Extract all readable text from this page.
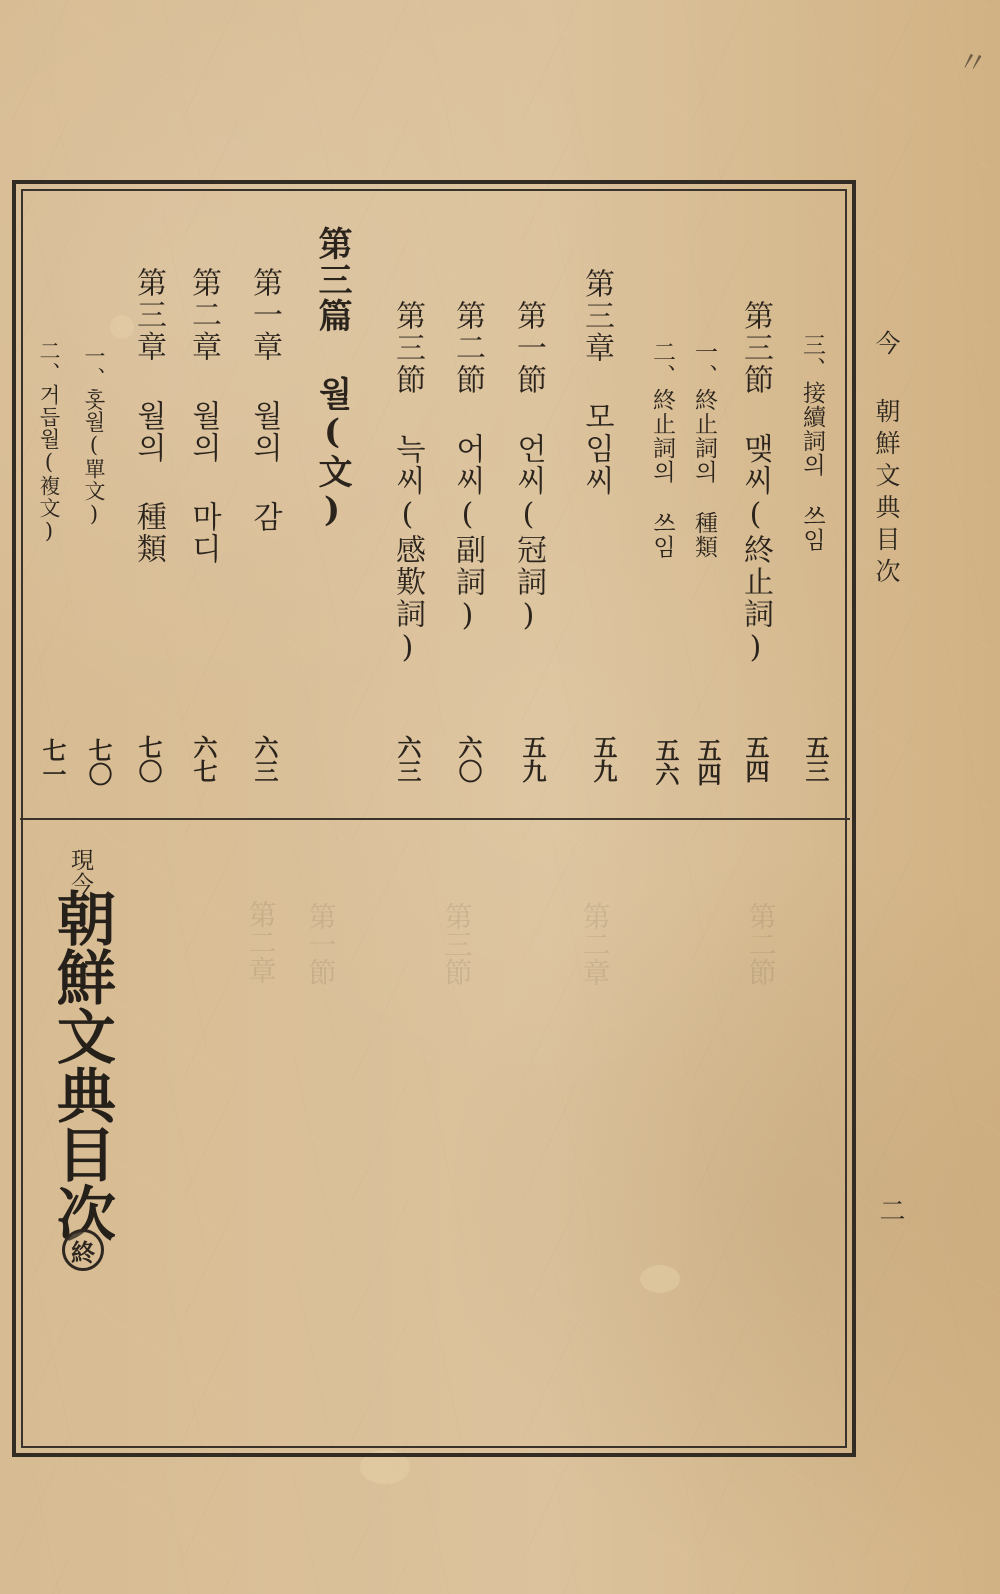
第二章 第一節	第三節	第二章	第二節
〃
今 朝鮮文典目次
二
三、接續詞의 쓰임
五三
第三節 맺씨(終止詞)
五四
一、終止詞의 種類
五四
二、終止詞의 쓰임
五六
第三章 모임씨
五九
第一節 언씨(冠詞)
五九
第二節 어씨(副詞)
六〇
第三節 늑씨(感歎詞)
六三
第三篇 월(文)
第一章 월의 감
六三
第二章 월의 마디
六七
第三章 월의 種類
七〇
一、홋월(單文)
七〇
二、거듭월(複文)
七一
現今
朝鮮文典目次
終
